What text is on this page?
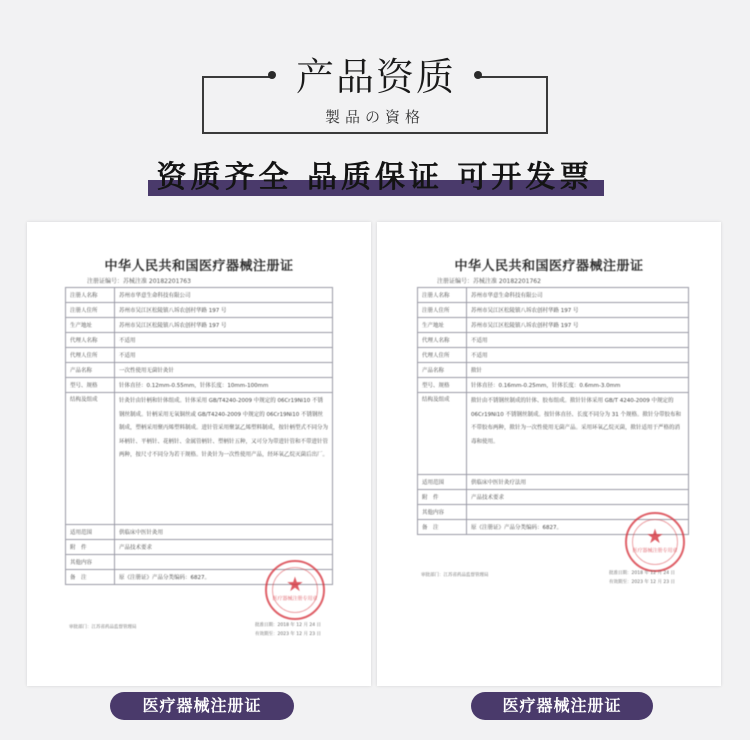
产品资质
製品の資格
资质齐全 品质保证 可开发票
中华人民共和国医疗器械注册证
注册证编号：苏械注准 20182201763
注册人名称	苏州市华意生命科技有限公司
注册人住所	苏州市吴江区松陵镇八坼农创村华路 197 号
生产地址	苏州市吴江区松陵镇八坼农创村华路 197 号
代理人名称	不适用
代理人住所	不适用
产品名称	一次性使用无菌针灸针
型号、规格	针体直径：0.12mm-0.55mm，针体长度：10mm-100mm
结构及组成	针灸针由针柄和针体组成。针体采用 GB/T4240-2009 中规定的 06Cr19Ni10 不锈钢丝制成。针柄采用无氧铜丝或 GB/T4240-2009 中规定的 06Cr19Ni10 不锈钢丝制成，塑柄采用聚丙烯塑料制成。进针管采用聚氯乙烯塑料制成，按针柄型式不同分为环柄针、平柄针、花柄针、金属管柄针、塑柄针五种，又可分为带进针管和不带进针管两种，按尺寸不同分为若干规格。针灸针为一次性使用产品，经环氧乙烷灭菌后出厂。
适用范围	供临床中医针灸用
附　件	产品技术要求
其他内容	
备　注	原《注册证》产品分类编码：6827。	★
医疗器械注册专用章
审批部门：江苏省药品监督管理局	批准日期：2018 年 12 月 24 日
有效期至：2023 年 12 月 23 日
中华人民共和国医疗器械注册证
注册证编号：苏械注准 20182201762
注册人名称	苏州市华意生命科技有限公司
注册人住所	苏州市吴江区松陵镇八坼农创村华路 197 号
生产地址	苏州市吴江区松陵镇八坼农创村华路 197 号
代理人名称	不适用
代理人住所	不适用
产品名称	揿针
型号、规格	针体直径：0.16mm-0.25mm，针体长度：0.6mm-3.0mm
结构及组成	揿针由不锈钢丝制成的针体、胶布组成。揿针针体采用 GB/T 4240-2009 中规定的 06Cr19Ni10 不锈钢丝制成。按针体直径、长度不同分为 31 个规格。揿针分带胶布和不带胶布两种，揿针为一次性使用无菌产品。采用环氧乙烷灭菌，揿针适用于严格的消毒和使用。
适用范围	供临床中医针灸疗法用
附　件	产品技术要求
其他内容	
备　注	原《注册证》产品分类编码：6827。	★
医疗器械注册专用章
审批部门：江苏省药品监督管理局	批准日期：2018 年 12 月 24 日
有效期至：2023 年 12 月 23 日
医疗器械注册证	医疗器械注册证
